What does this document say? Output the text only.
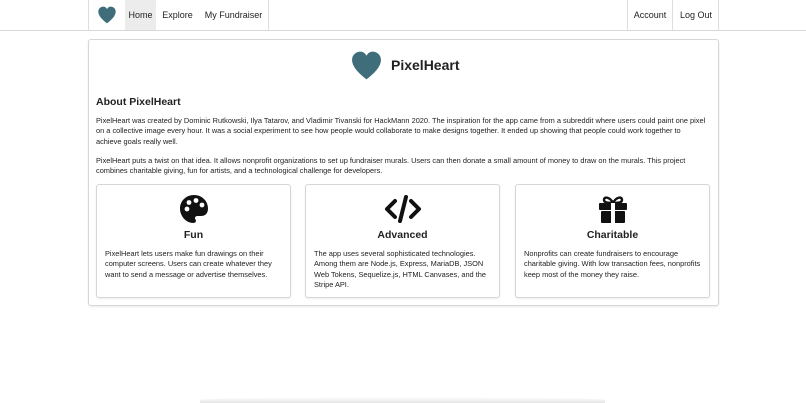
Home	Explore	My Fundraiser	Account	Log Out
PixelHeart
About PixelHeart

PixelHeart was created by Dominic Rutkowski, Ilya Tatarov, and Vladimir Tivanski for HackMann 2020. The inspiration for the app came from a subreddit where users could paint one pixel on a collective image every hour. It was a social experiment to see how people would collaborate to make designs together. It ended up showing that people could work together to achieve goals really well.

PixelHeart puts a twist on that idea. It allows nonprofit organizations to set up fundraiser murals. Users can then donate a small amount of money to draw on the murals. This project combines charitable giving, fun for artists, and a technological challenge for developers.

Fun
PixelHeart lets users make fun drawings on their computer screens. Users can create whatever they want to send a message or advertise themselves.
Advanced
The app uses several sophisticated technologies. Among them are Node.js, Express, MariaDB, JSON Web Tokens, Sequelize.js, HTML Canvases, and the Stripe API.
Charitable
Nonprofits can create fundraisers to encourage charitable giving. With low transaction fees, nonprofits keep most of the money they raise.
